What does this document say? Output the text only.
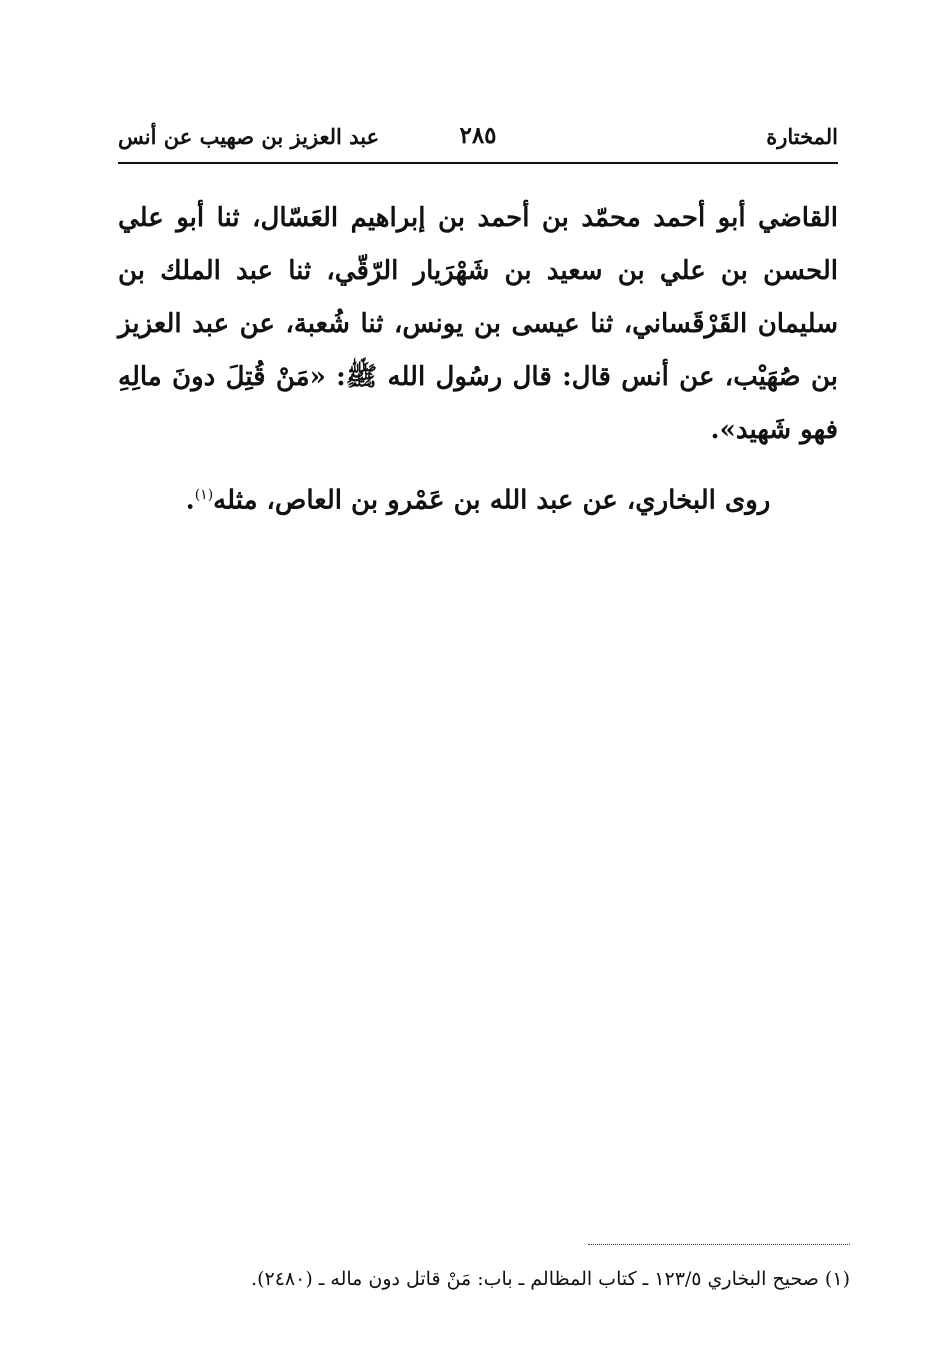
المختارة
٢٨٥
عبد العزيز بن صهيب عن أنس
القاضي أبو أحمد محمّد بن أحمد بن إبراهيم العَسّال، ثنا أبو علي الحسن بن علي بن سعيد بن شَهْرَيار الرّقّي، ثنا عبد الملك بن سليمان القَرْقَساني، ثنا عيسى بن يونس، ثنا شُعبة، عن عبد العزيز بن صُهَيْب، عن أنس قال: قال رسُول الله ﷺ: «مَنْ قُتِلَ دونَ مالِهِ فهو شَهيد».
روى البخاري، عن عبد الله بن عَمْرو بن العاص، مثله$^{(١)}$.
(١) صحيح البخاري ١٢٣/٥ ـ كتاب المظالم ـ باب: مَنْ قاتل دون ماله ـ (٢٤٨٠).
